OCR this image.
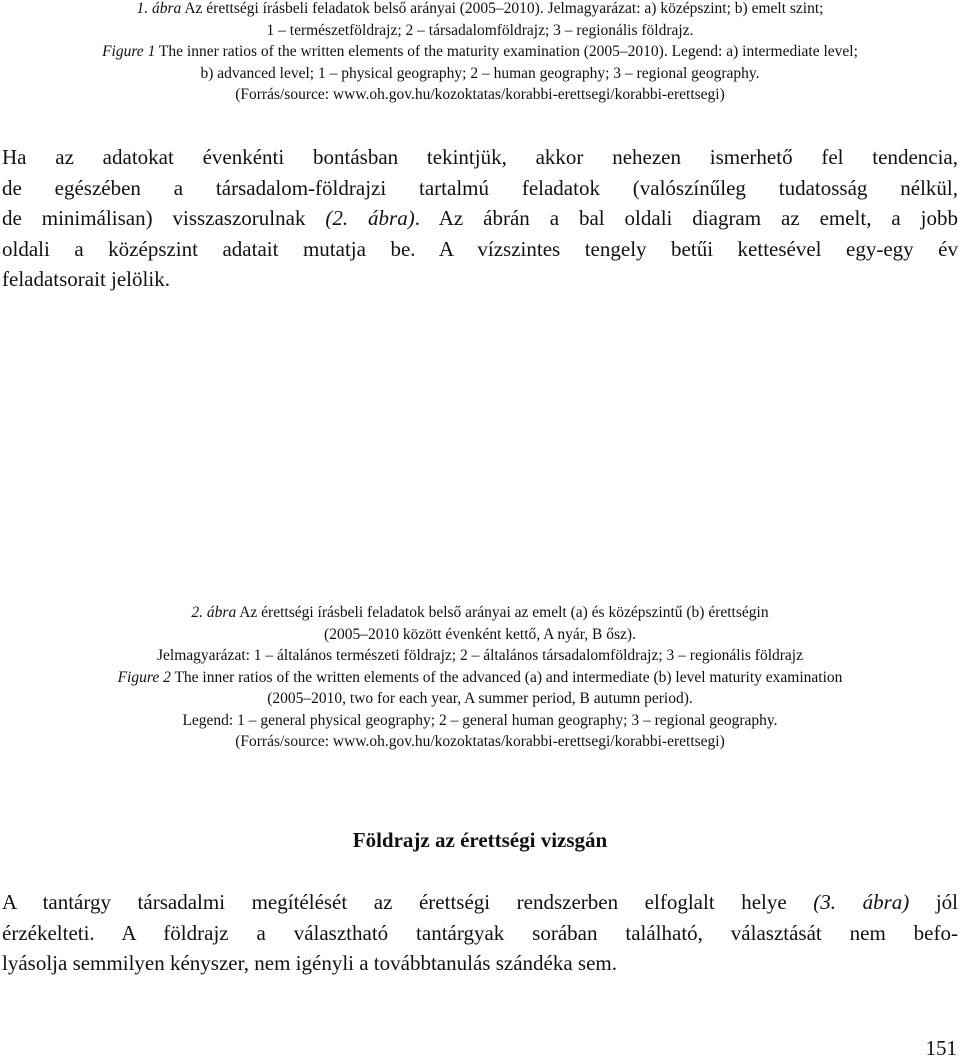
1. ábra Az érettségi írásbeli feladatok belső arányai (2005–2010). Jelmagyarázat: a) középszint; b) emelt szint;
1 – természetföldrajz; 2 – társadalomföldrajz; 3 – regionális földrajz.
Figure 1 The inner ratios of the written elements of the maturity examination (2005–2010). Legend: a) intermediate level;
b) advanced level; 1 – physical geography; 2 – human geography; 3 – regional geography.
(Forrás/source: www.oh.gov.hu/kozoktatas/korabbi-erettsegi/korabbi-erettsegi)
Ha az adatokat évenkénti bontásban tekintjük, akkor nehezen ismerhető fel tendencia,
de egészében a társadalom-földrajzi tartalmú feladatok (valószínűleg tudatosság nélkül,
de minimálisan) visszaszorulnak (2. ábra). Az ábrán a bal oldali diagram az emelt, a jobb
oldali a középszint adatait mutatja be. A vízszintes tengely betűi kettesével egy-egy év
feladatsorait jelölik.
2. ábra Az érettségi írásbeli feladatok belső arányai az emelt (a) és középszintű (b) érettségin
(2005–2010 között évenként kettő, A nyár, B ősz).
Jelmagyarázat: 1 – általános természeti földrajz; 2 – általános társadalomföldrajz; 3 – regionális földrajz
Figure 2 The inner ratios of the written elements of the advanced (a) and intermediate (b) level maturity examination
(2005–2010, two for each year, A summer period, B autumn period).
Legend: 1 – general physical geography; 2 – general human geography; 3 – regional geography.
(Forrás/source: www.oh.gov.hu/kozoktatas/korabbi-erettsegi/korabbi-erettsegi)
Földrajz az érettségi vizsgán
A tantárgy társadalmi megítélését az érettségi rendszerben elfoglalt helye (3. ábra) jól
érzékelteti. A földrajz a választható tantárgyak sorában található, választását nem befo-
lyásolja semmilyen kényszer, nem igényli a továbbtanulás szándéka sem.
151
